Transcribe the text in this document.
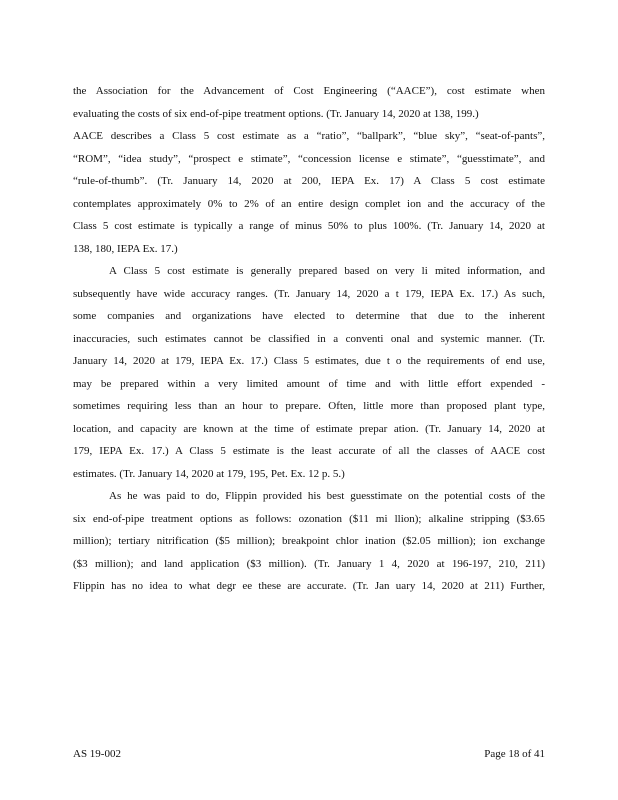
the Association for the Advancement of Cost Engineering (“AACE”), cost estimate when
evaluating the costs of six end-of-pipe treatment options. (Tr. January 14, 2020 at 138, 199.)
AACE describes a Class 5 cost estimate as a “ratio”, “ballpark”, “blue sky”, “seat-of-pants”,
“ROM”, “idea study”, “prospect e stimate”, “concession license e stimate”, “guesstimate”, and
“rule-of-thumb”. (Tr. January 14, 2020 at 200, IEPA Ex. 17) A Class 5 cost estimate
contemplates approximately 0% to 2% of an entire design complet ion and the accuracy of the
Class 5 cost estimate is typically a range of minus 50% to plus 100%. (Tr. January 14, 2020 at
138, 180, IEPA Ex. 17.)
A Class 5 cost estimate is generally prepared based on very li mited information, and
subsequently have wide accuracy ranges. (Tr. January 14, 2020 a t 179, IEPA Ex. 17.) As such,
some companies and organizations have elected to determine that due to the inherent
inaccuracies, such estimates cannot be classified in a conventi onal and systemic manner. (Tr.
January 14, 2020 at 179, IEPA Ex. 17.) Class 5 estimates, due t o the requirements of end use,
may be prepared within a very limited amount of time and with little effort expended -
sometimes requiring less than an hour to prepare. Often, little more than proposed plant type,
location, and capacity are known at the time of estimate prepar ation. (Tr. January 14, 2020 at
179, IEPA Ex. 17.) A Class 5 estimate is the least accurate of all the classes of AACE cost
estimates. (Tr. January 14, 2020 at 179, 195, Pet. Ex. 12 p. 5.)
As he was paid to do, Flippin provided his best guesstimate on the potential costs of the
six end-of-pipe treatment options as follows: ozonation ($11 mi llion); alkaline stripping ($3.65
million); tertiary nitrification ($5 million); breakpoint chlor ination ($2.05 million); ion exchange
($3 million); and land application ($3 million). (Tr. January 1 4, 2020 at 196-197, 210, 211)
Flippin has no idea to what degr ee these are accurate. (Tr. Jan uary 14, 2020 at 211) Further,
AS 19-002	Page 18 of 41
